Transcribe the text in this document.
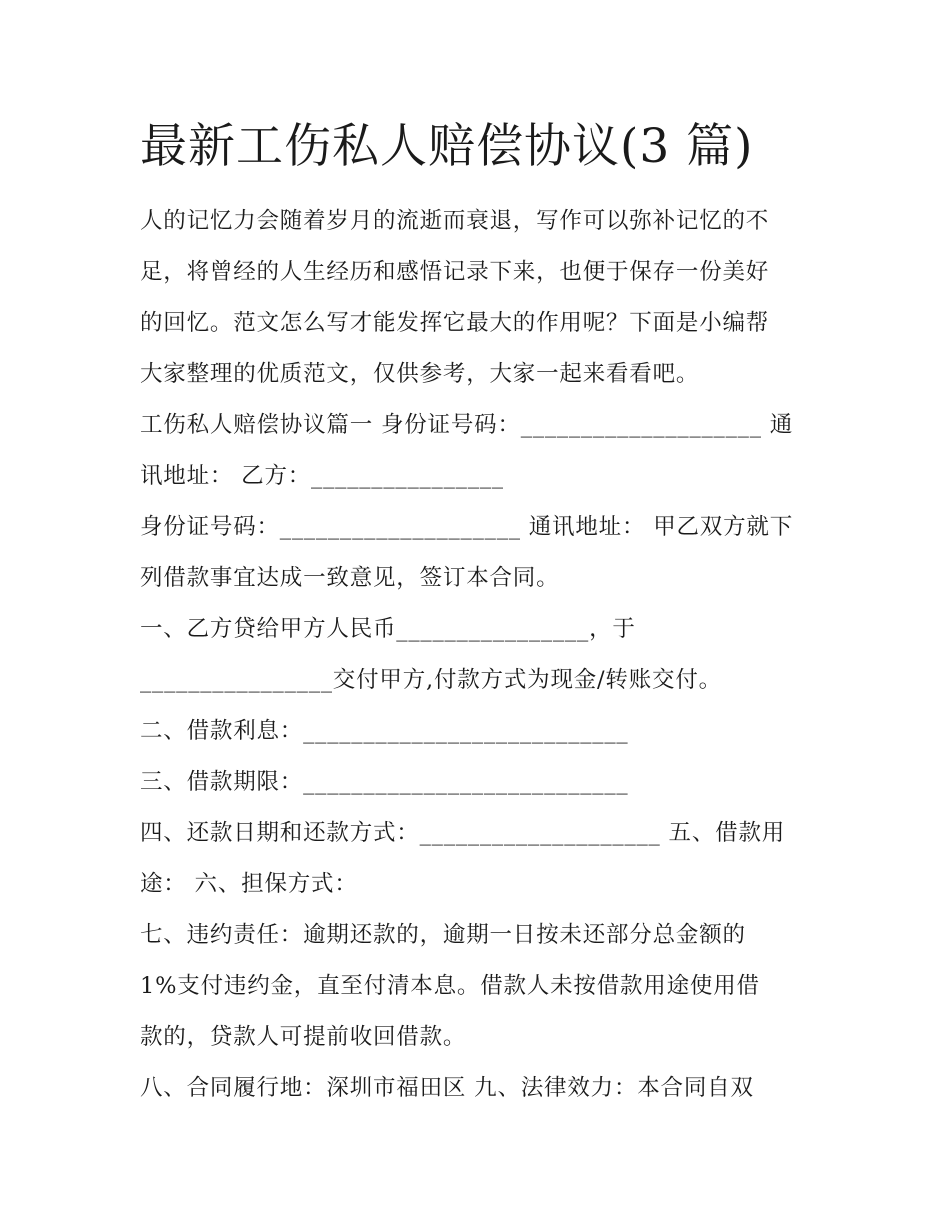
最新工伤私人赔偿协议(3 篇)
人的记忆力会随着岁月的流逝而衰退，写作可以弥补记忆的不
足，将曾经的人生经历和感悟记录下来，也便于保存一份美好
的回忆。范文怎么写才能发挥它最大的作用呢？下面是小编帮
大家整理的优质范文，仅供参考，大家一起来看看吧。
工伤私人赔偿协议篇一 身份证号码：____________________ 通
讯地址： 乙方：________________
身份证号码：____________________ 通讯地址： 甲乙双方就下
列借款事宜达成一致意见，签订本合同。
一、乙方贷给甲方人民币________________，于
________________交付甲方,付款方式为现金/转账交付。
二、借款利息：___________________________
三、借款期限：___________________________
四、还款日期和还款方式：____________________ 五、借款用
途： 六、担保方式：
七、违约责任：逾期还款的，逾期一日按未还部分总金额的
1%支付违约金，直至付清本息。借款人未按借款用途使用借
款的，贷款人可提前收回借款。
八、合同履行地：深圳市福田区 九、法律效力：本合同自双
